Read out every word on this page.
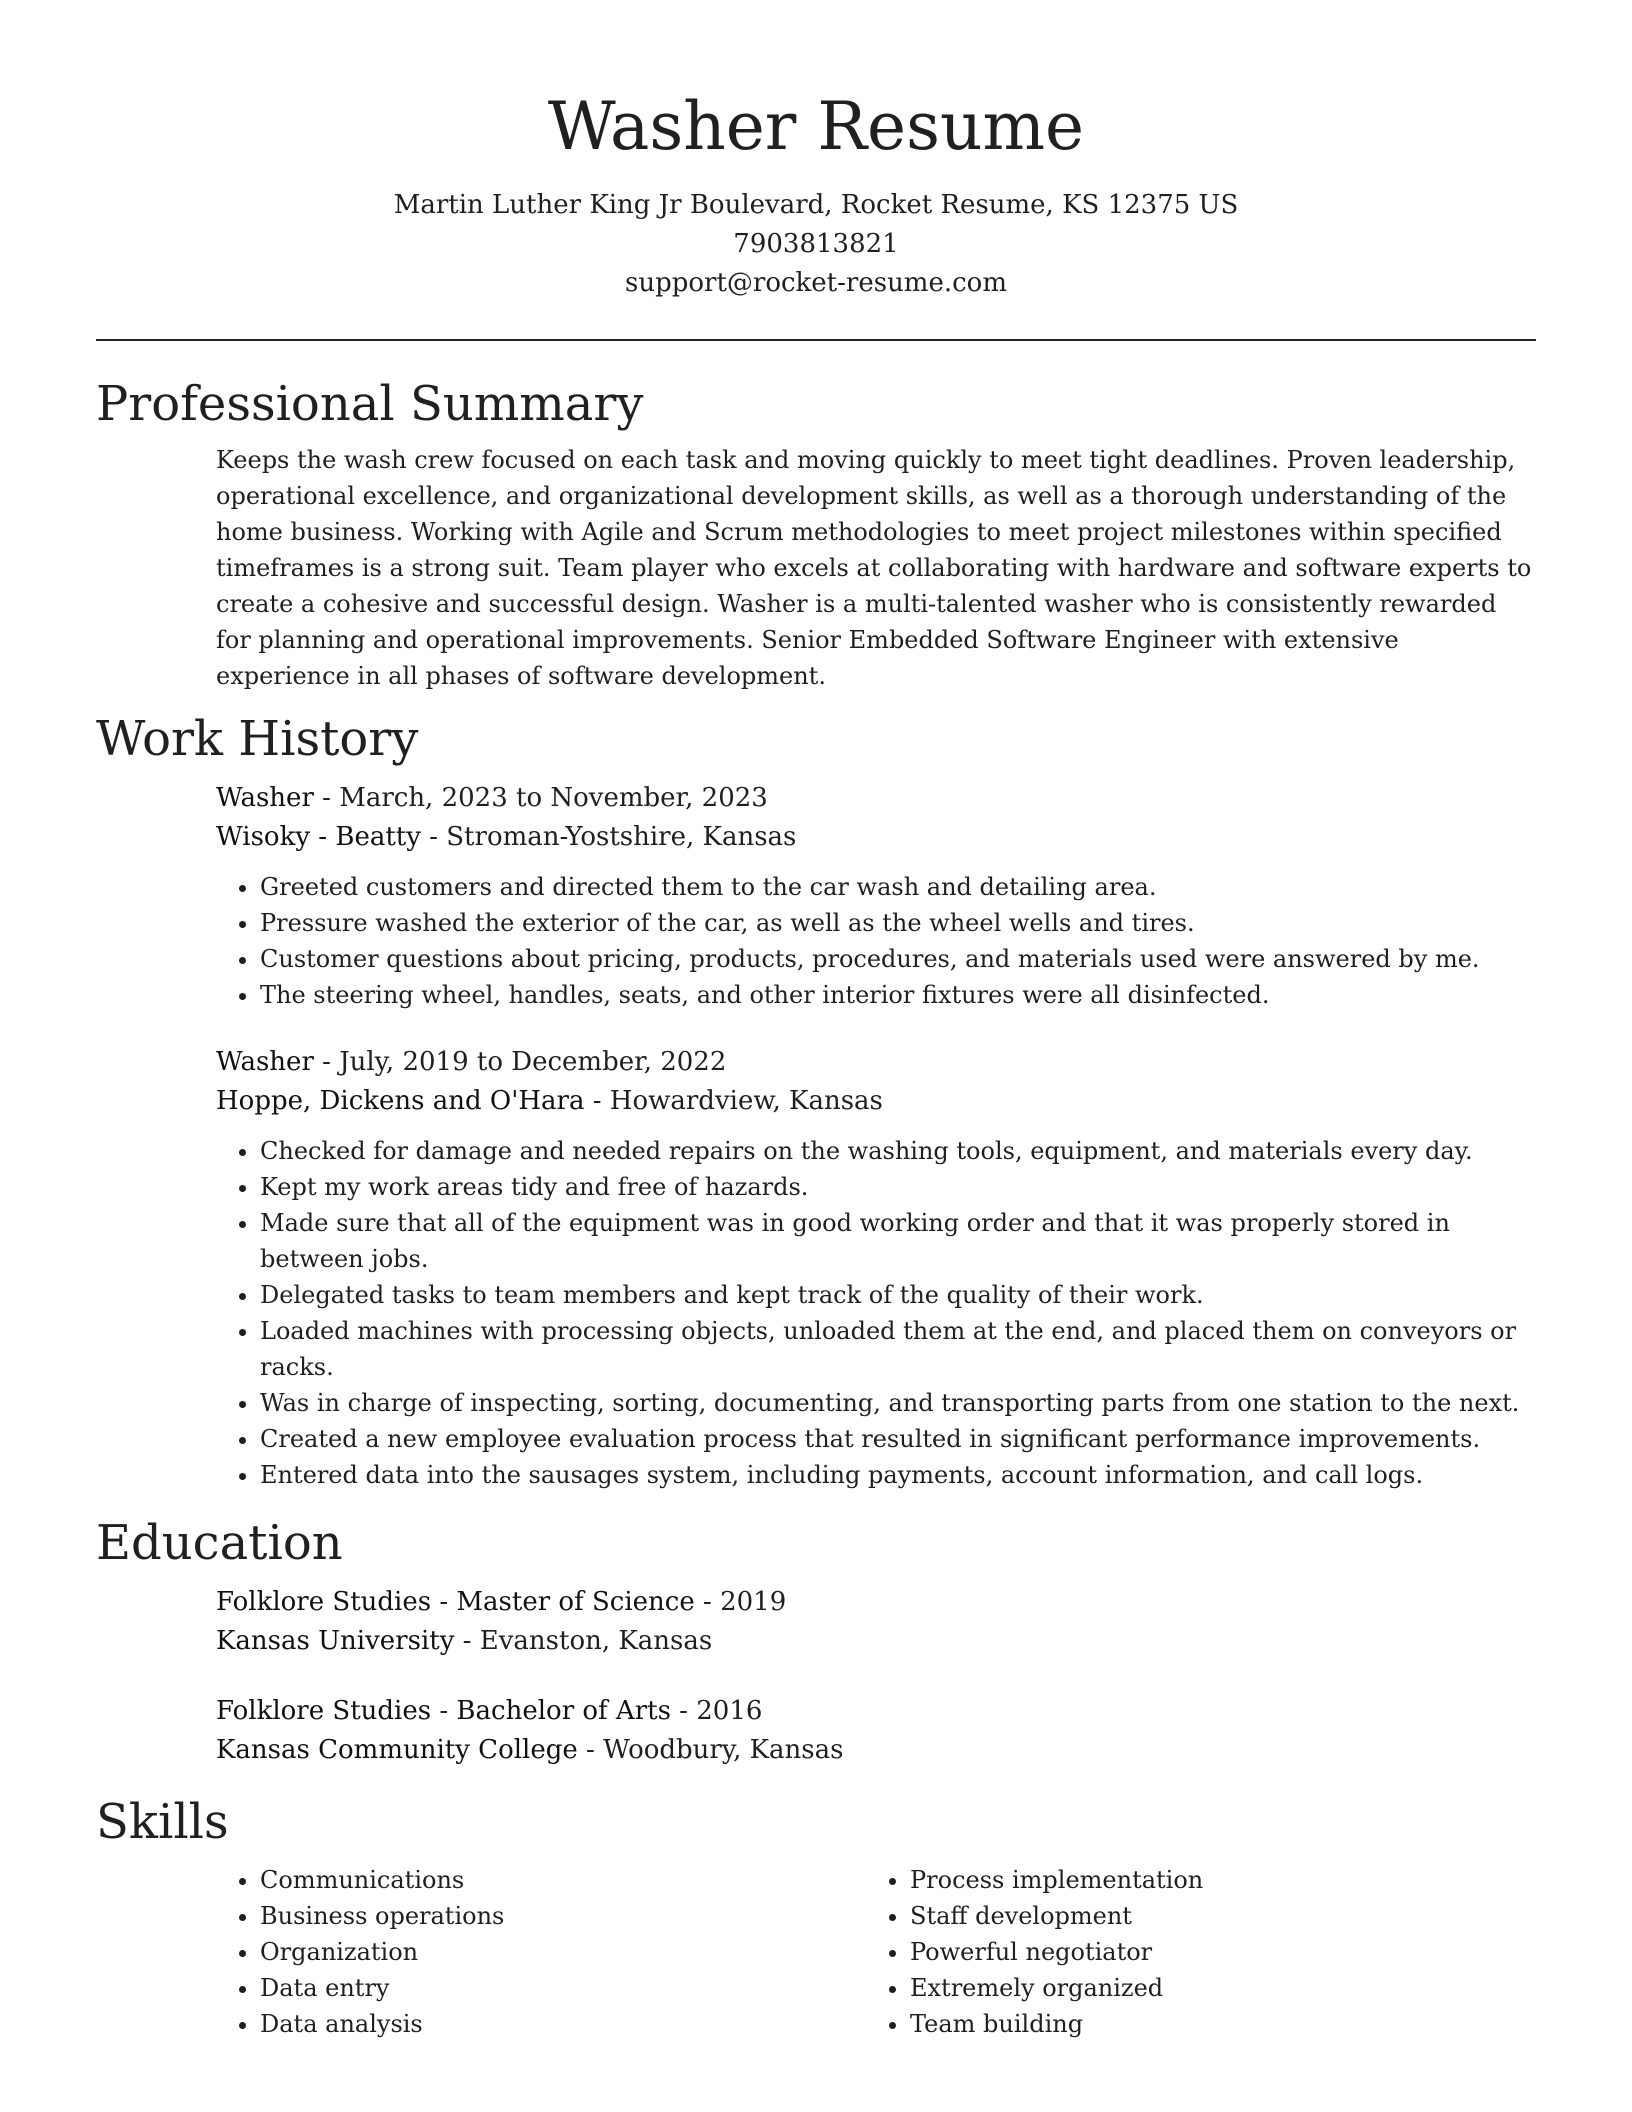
Washer Resume

Martin Luther King Jr Boulevard, Rocket Resume, KS 12375 US

7903813821

support@rocket-resume.com

Professional Summary

Keeps the wash crew focused on each task and moving quickly to meet tight deadlines. Proven leadership, operational excellence, and organizational development skills, as well as a thorough understanding of the home business. Working with Agile and Scrum methodologies to meet project milestones within specified timeframes is a strong suit. Team player who excels at collaborating with hardware and software experts to create a cohesive and successful design. Washer is a multi-talented washer who is consistently rewarded for planning and operational improvements. Senior Embedded Software Engineer with extensive experience in all phases of software development.

Work History

Washer - March, 2023 to November, 2023

Wisoky - Beatty - Stroman-Yostshire, Kansas

• Greeted customers and directed them to the car wash and detailing area.
• Pressure washed the exterior of the car, as well as the wheel wells and tires.
• Customer questions about pricing, products, procedures, and materials used were answered by me.
• The steering wheel, handles, seats, and other interior fixtures were all disinfected.

Washer - July, 2019 to December, 2022

Hoppe, Dickens and O'Hara - Howardview, Kansas

• Checked for damage and needed repairs on the washing tools, equipment, and materials every day.
• Kept my work areas tidy and free of hazards.
• Made sure that all of the equipment was in good working order and that it was properly stored in between jobs.
• Delegated tasks to team members and kept track of the quality of their work.
• Loaded machines with processing objects, unloaded them at the end, and placed them on conveyors or racks.
• Was in charge of inspecting, sorting, documenting, and transporting parts from one station to the next.
• Created a new employee evaluation process that resulted in significant performance improvements.
• Entered data into the sausages system, including payments, account information, and call logs.
Education

Folklore Studies - Master of Science - 2019

Kansas University - Evanston, Kansas

Folklore Studies - Bachelor of Arts - 2016

Kansas Community College - Woodbury, Kansas

Skills
• Communications
• Business operations
• Organization
• Data entry
• Data analysis
• Process implementation
• Staff development
• Powerful negotiator
• Extremely organized
• Team building
